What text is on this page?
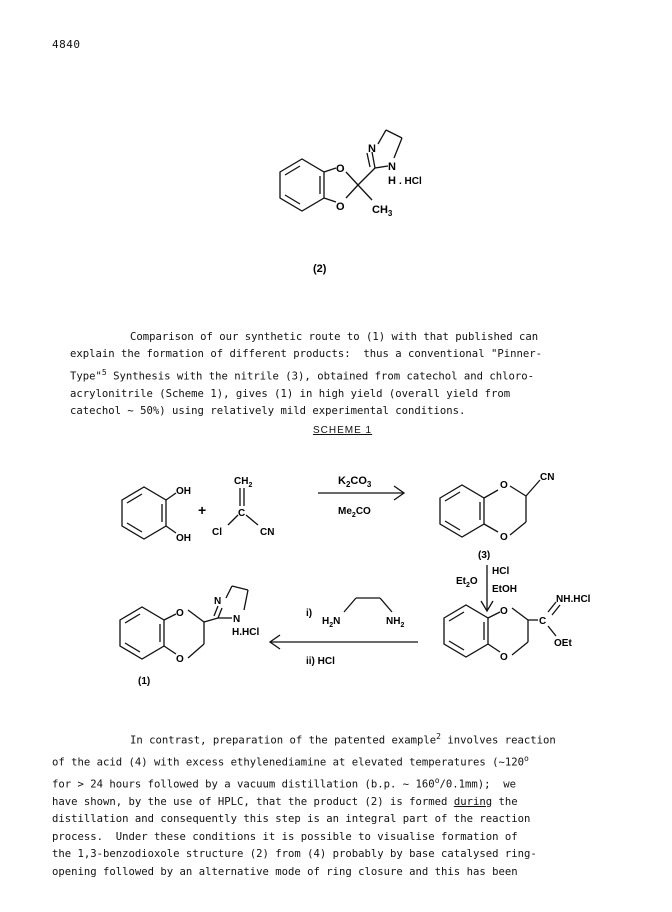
4840
O
O
N
N
H . HCl
$CH_3$
(2)

Comparison of our synthetic route to (1) with that published can
explain the formation of different products:  thus a conventional "Pinner-
Type"$^5$ Synthesis with the nitrile (3), obtained from catechol and chloro-
acrylonitrile (Scheme 1), gives (1) in high yield (overall yield from
catechol ~ 50%) using relatively mild experimental conditions.

SCHEME 1
OH
OH
+
$CH_2$
C
Cl	CN
$K_2CO_3$
$Me_2CO$
O
O
CN
(3)
HCl
EtOH
$Et_2O$
NH.HCl
C
OEt
O
O
i)
ii) HCl
$H_2N$	$NH_2$
N
N
H.HCl
O
O
(1)

In contrast, preparation of the patented example$^2$ involves reaction
of the acid (4) with excess ethylenediamine at elevated temperatures (~120$^o$
for > 24 hours followed by a vacuum distillation (b.p. ~ 160$^o$/0.1mm);  we
have shown, by the use of HPLC, that the product (2) is formed during the
distillation and consequently this step is an integral part of the reaction
process.  Under these conditions it is possible to visualise formation of
the 1,3-benzodioxole structure (2) from (4) probably by base catalysed ring-
opening followed by an alternative mode of ring closure and this has been
